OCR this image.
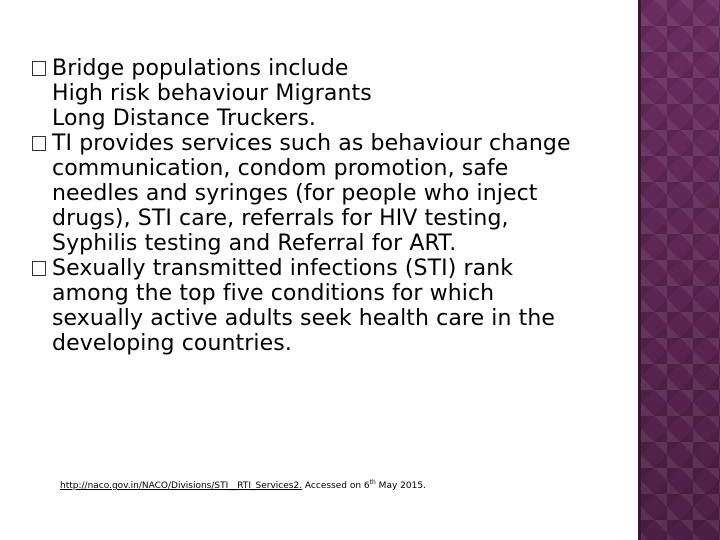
Bridge populations include
High risk behaviour Migrants
Long Distance Truckers.
TI provides services such as behaviour change
communication, condom promotion, safe
needles and syringes (for people who inject
drugs), STI care, referrals for HIV testing,
Syphilis testing and Referral for ART.
Sexually transmitted infections (STI) rank
among the top five conditions for which
sexually active adults seek health care in the
developing countries.
http://naco.gov.in/NACO/Divisions/STI__RTI_Services2. Accessed on 6th May 2015.
